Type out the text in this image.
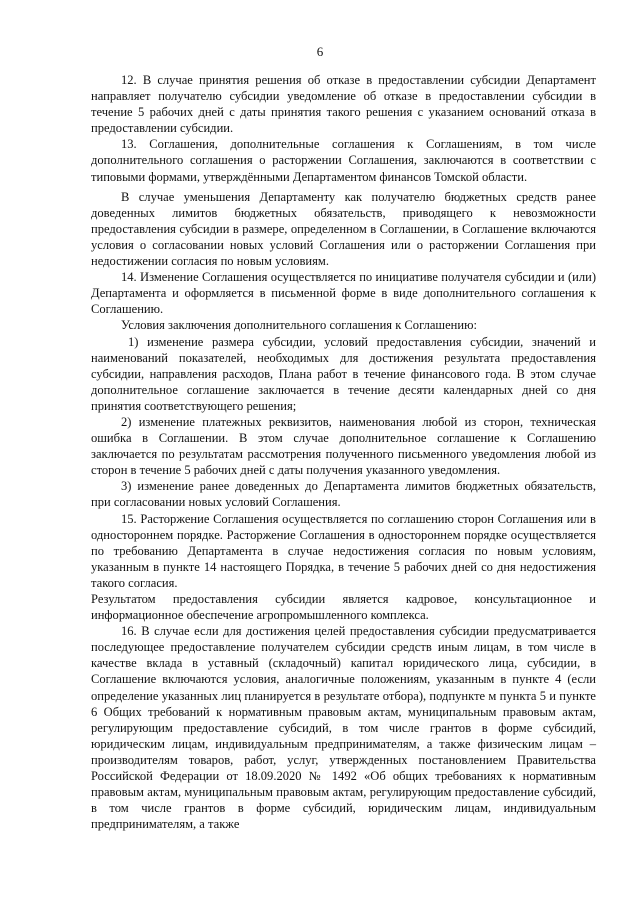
6

12. В случае принятия решения об отказе в предоставлении субсидии Департамент направляет получателю субсидии уведомление об отказе в предоставлении субсидии в течение 5 рабочих дней с даты принятия такого решения с указанием оснований отказа в предоставлении субсидии.

13. Соглашения, дополнительные соглашения к Соглашениям, в том числе дополнительного соглашения о расторжении Соглашения, заключаются в соответствии с типовыми формами, утверждёнными Департаментом финансов Томской области.

В случае уменьшения Департаменту как получателю бюджетных средств ранее доведенных лимитов бюджетных обязательств, приводящего к невозможности предоставления субсидии в размере, определенном в Соглашении, в Соглашение включаются условия о согласовании новых условий Соглашения или о расторжении Соглашения при недостижении согласия по новым условиям.

14. Изменение Соглашения осуществляется по инициативе получателя субсидии и (или) Департамента и оформляется в письменной форме в виде дополнительного соглашения к Соглашению.

Условия заключения дополнительного соглашения к Соглашению:

1) изменение размера субсидии, условий предоставления субсидии, значений и наименований показателей, необходимых для достижения результата предоставления субсидии, направления расходов, Плана работ в течение финансового года. В этом случае дополнительное соглашение заключается в течение десяти календарных дней со дня принятия соответствующего решения;

2) изменение платежных реквизитов, наименования любой из сторон, техническая ошибка в Соглашении. В этом случае дополнительное соглашение к Соглашению заключается по результатам рассмотрения полученного письменного уведомления любой из сторон в течение 5 рабочих дней с даты получения указанного уведомления.

3) изменение ранее доведенных до Департамента лимитов бюджетных обязательств, при согласовании новых условий Соглашения.

15. Расторжение Соглашения осуществляется по соглашению сторон Соглашения или в одностороннем порядке. Расторжение Соглашения в одностороннем порядке осуществляется по требованию Департамента в случае недостижения согласия по новым условиям, указанным в пункте 14 настоящего Порядка, в течение 5 рабочих дней со дня недостижения такого согласия.

Результатом предоставления субсидии является кадровое, консультационное и информационное обеспечение агропромышленного комплекса.

16. В случае если для достижения целей предоставления субсидии предусматривается последующее предоставление получателем субсидии средств иным лицам, в том числе в качестве вклада в уставный (складочный) капитал юридического лица, субсидии, в Соглашение включаются условия, аналогичные положениям, указанным в пункте 4 (если определение указанных лиц планируется в результате отбора), подпункте м пункта 5 и пункте 6 Общих требований к нормативным правовым актам, муниципальным правовым актам, регулирующим предоставление субсидий, в том числе грантов в форме субсидий, юридическим лицам, индивидуальным предпринимателям, а также физическим лицам – производителям товаров, работ, услуг, утвержденных постановлением Правительства Российской Федерации от 18.09.2020 № 1492 «Об общих требованиях к нормативным правовым актам, муниципальным правовым актам, регулирующим предоставление субсидий, в том числе грантов в форме субсидий, юридическим лицам, индивидуальным предпринимателям, а также
